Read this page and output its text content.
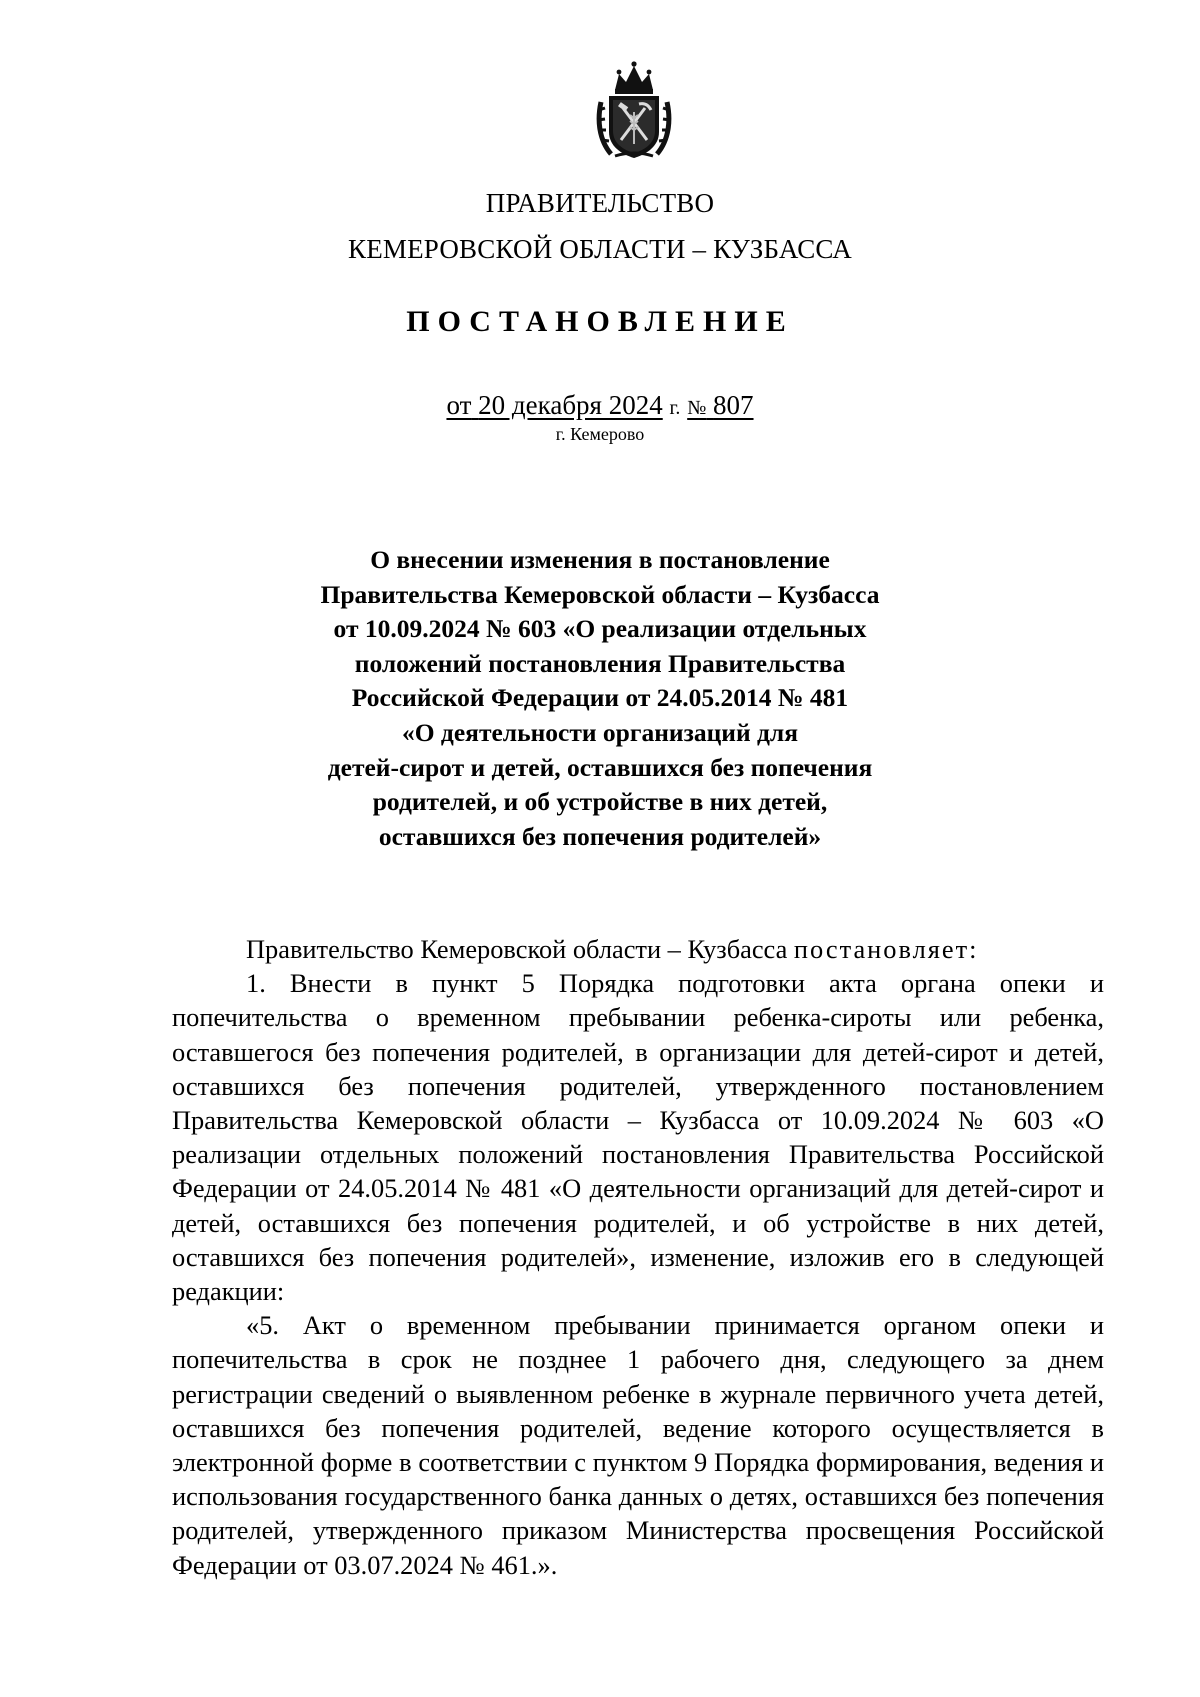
ПРАВИТЕЛЬСТВО
КЕМЕРОВСКОЙ ОБЛАСТИ – КУЗБАССА
ПОСТАНОВЛЕНИЕ
от 20 декабря 2024 г. № 807
г. Кемерово
О внесении изменения в постановление
Правительства Кемеровской области – Кузбасса
от 10.09.2024 № 603 «О реализации отдельных
положений постановления Правительства
Российской Федерации от 24.05.2014 № 481
«О деятельности организаций для
детей-сирот и детей, оставшихся без попечения
родителей, и об устройстве в них детей,
оставшихся без попечения родителей»

Правительство Кемеровской области – Кузбасса постановляет:

1. Внести в пункт 5 Порядка подготовки акта органа опеки и попечительства о временном пребывании ребенка-сироты или ребенка, оставшегося без попечения родителей, в организации для детей-сирот и детей, оставшихся без попечения родителей, утвержденного постановлением Правительства Кемеровской области – Кузбасса от 10.09.2024 № 603 «О реализации отдельных положений постановления Правительства Российской Федерации от 24.05.2014 № 481 «О деятельности организаций для детей-сирот и детей, оставшихся без попечения родителей, и об устройстве в них детей, оставшихся без попечения родителей», изменение, изложив его в следующей редакции:

«5. Акт о временном пребывании принимается органом опеки и попечительства в срок не позднее 1 рабочего дня, следующего за днем регистрации сведений о выявленном ребенке в журнале первичного учета детей, оставшихся без попечения родителей, ведение которого осуществляется в электронной форме в соответствии с пунктом 9 Порядка формирования, ведения и использования государственного банка данных о детях, оставшихся без попечения родителей, утвержденного приказом Министерства просвещения Российской Федерации от 03.07.2024 № 461.».
